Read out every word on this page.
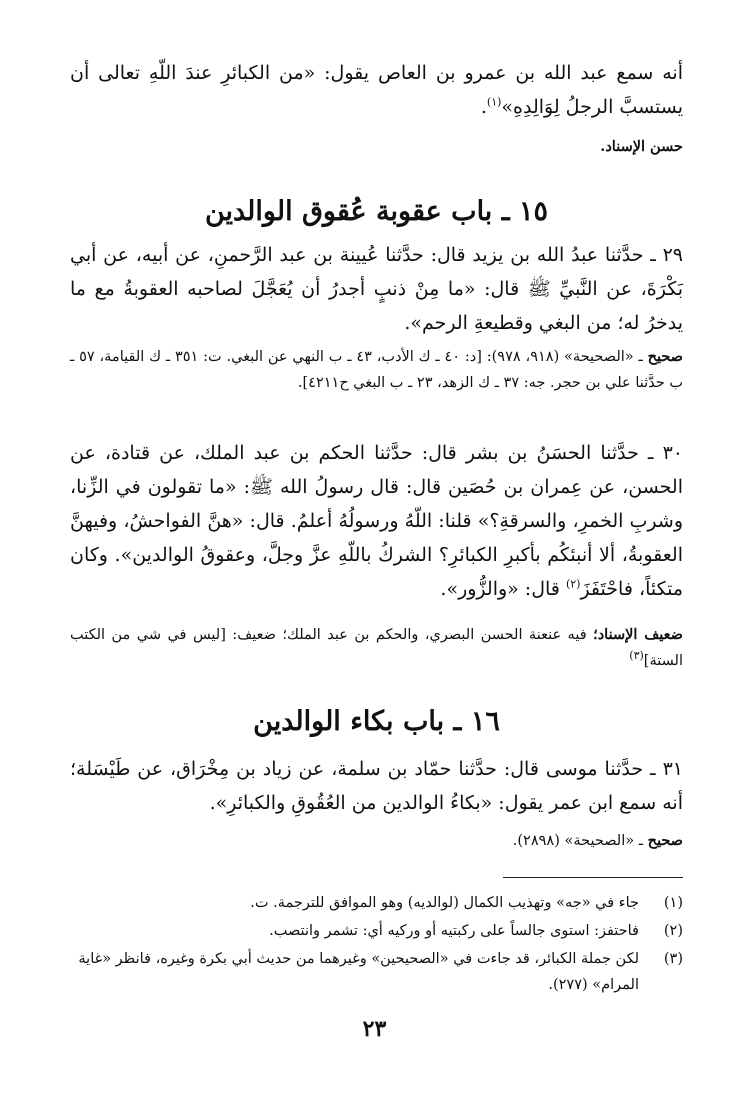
أنه سمع عبد الله بن عمرو بن العاص يقول: «من الكبائرِ عندَ اللّهِ تعالى أن يستسبَّ الرجلُ لِوَالِدِهِ»$^{(١)}$.
حسن الإسناد.
١٥ ـ باب عقوبة عُقوق الوالدين
٢٩ ـ حدَّثنا عبدُ الله بن يزيد قال: حدَّثنا عُيينة بن عبد الرَّحمنِ، عن أبيه، عن أبي بَكْرَةَ، عن النَّبيِّ ﷺ قال: «ما مِنْ ذنبٍ أجدرُ أن يُعَجَّلَ لصاحبه العقوبةُ مع ما يدخرُ له؛ من البغي وقطيعةِ الرحم».
صحيح ـ «الصحيحة» (٩١٨، ٩٧٨): [د: ٤٠ ـ ك الأدب، ٤٣ ـ ب النهي عن البغي. ت: ٣٥١ ـ ك القيامة، ٥٧ ـ ب حدَّثنا علي بن حجر. جه: ٣٧ ـ ك الزهد، ٢٣ ـ ب البغي ح٤٢١١].
٣٠ ـ حدَّثنا الحسَنُ بن بشر قال: حدَّثنا الحكم بن عبد الملك، عن قتادة، عن الحسن، عن عِمران بن حُصَين قال: قال رسولُ الله ﷺ: «ما تقولون في الزِّنا، وشربِ الخمرِ، والسرقةِ؟» قلنا: اللّهُ ورسولُهُ أعلمُ. قال: «هنَّ الفواحشُ، وفيهنَّ العقوبةُ، ألا أنبئكُم بأكبرِ الكبائرِ؟ الشركُ باللّهِ عزَّ وجلَّ، وعقوقُ الوالدين». وكان متكئاً، فاحْتَفَزَ$^{(٢)}$ قال: «والزُّور».
ضعيف الإسناد؛ فيه عنعنة الحسن البصري، والحكم بن عبد الملك؛ ضعيف: [ليس في شي من الكتب الستة]$^{(٣)}$
١٦ ـ باب بكاء الوالدين
٣١ ـ حدَّثنا موسى قال: حدَّثنا حمّاد بن سلمة، عن زياد بن مِخْرَاق، عن طَيْسَلة؛ أنه سمع ابن عمر يقول: «بكاءُ الوالدين من العُقُوقِ والكبائرِ».
صحيح ـ «الصحيحة» (٢٨٩٨).
(١)
جاء في «جه» وتهذيب الكمال (لوالديه) وهو الموافق للترجمة. ت.
(٢)
فاحتفز: استوى جالساً على ركبتيه أو وركيه أي: تشمر وانتصب.
(٣)
لكن جملة الكبائر، قد جاءت في «الصحيحين» وغيرهما من حديث أبي بكرة وغيره، فانظر «غاية المرام» (٢٧٧).
٢٣
